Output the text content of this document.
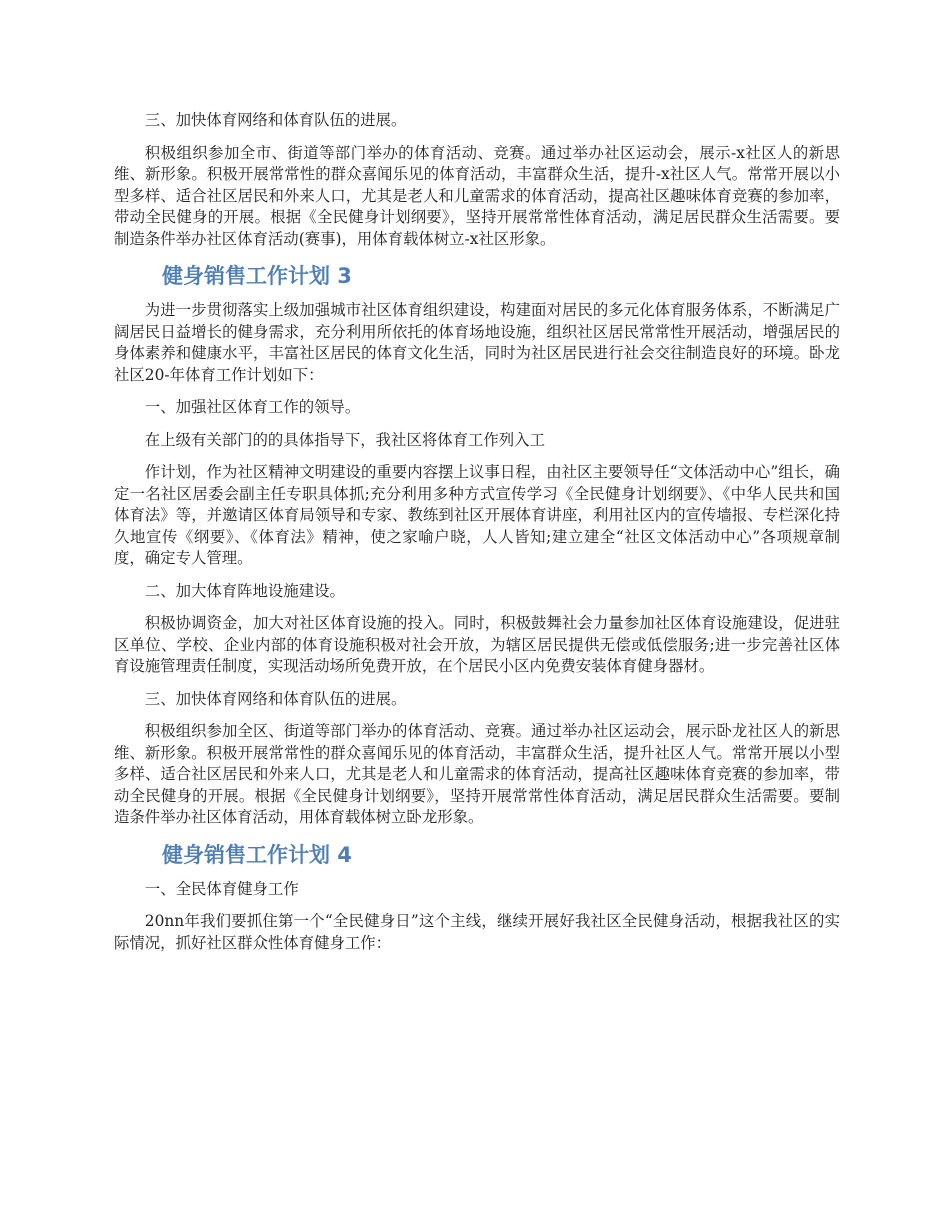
三、加快体育网络和体育队伍的进展。

积极组织参加全市、街道等部门举办的体育活动、竞赛。通过举办社区运动会，展示-x社区人的新思维、新形象。积极开展常常性的群众喜闻乐见的体育活动，丰富群众生活，提升-x社区人气。常常开展以小型多样、适合社区居民和外来人口，尤其是老人和儿童需求的体育活动，提高社区趣味体育竞赛的参加率，带动全民健身的开展。根据《全民健身计划纲要》，坚持开展常常性体育活动，满足居民群众生活需要。要制造条件举办社区体育活动(赛事)，用体育载体树立-x社区形象。

健身销售工作计划 3

为进一步贯彻落实上级加强城市社区体育组织建设，构建面对居民的多元化体育服务体系，不断满足广阔居民日益增长的健身需求，充分利用所依托的体育场地设施，组织社区居民常常性开展活动，增强居民的身体素养和健康水平，丰富社区居民的体育文化生活，同时为社区居民进行社会交往制造良好的环境。卧龙社区20-年体育工作计划如下：

一、加强社区体育工作的领导。

在上级有关部门的的具体指导下，我社区将体育工作列入工

作计划，作为社区精神文明建设的重要内容摆上议事日程，由社区主要领导任“文体活动中心”组长，确定一名社区居委会副主任专职具体抓;充分利用多种方式宣传学习《全民健身计划纲要》、《中华人民共和国体育法》等，并邀请区体育局领导和专家、教练到社区开展体育讲座，利用社区内的宣传墙报、专栏深化持久地宣传《纲要》、《体育法》精神，使之家喻户晓，人人皆知;建立建全“社区文体活动中心”各项规章制度，确定专人管理。

二、加大体育阵地设施建设。

积极协调资金，加大对社区体育设施的投入。同时，积极鼓舞社会力量参加社区体育设施建设，促进驻区单位、学校、企业内部的体育设施积极对社会开放，为辖区居民提供无偿或低偿服务;进一步完善社区体育设施管理责任制度，实现活动场所免费开放，在个居民小区内免费安装体育健身器材。

三、加快体育网络和体育队伍的进展。

积极组织参加全区、街道等部门举办的体育活动、竞赛。通过举办社区运动会，展示卧龙社区人的新思维、新形象。积极开展常常性的群众喜闻乐见的体育活动，丰富群众生活，提升社区人气。常常开展以小型多样、适合社区居民和外来人口，尤其是老人和儿童需求的体育活动，提高社区趣味体育竞赛的参加率，带动全民健身的开展。根据《全民健身计划纲要》，坚持开展常常性体育活动，满足居民群众生活需要。要制造条件举办社区体育活动，用体育载体树立卧龙形象。

健身销售工作计划 4

一、全民体育健身工作

20nn年我们要抓住第一个“全民健身日”这个主线，继续开展好我社区全民健身活动，根据我社区的实际情况，抓好社区群众性体育健身工作：
